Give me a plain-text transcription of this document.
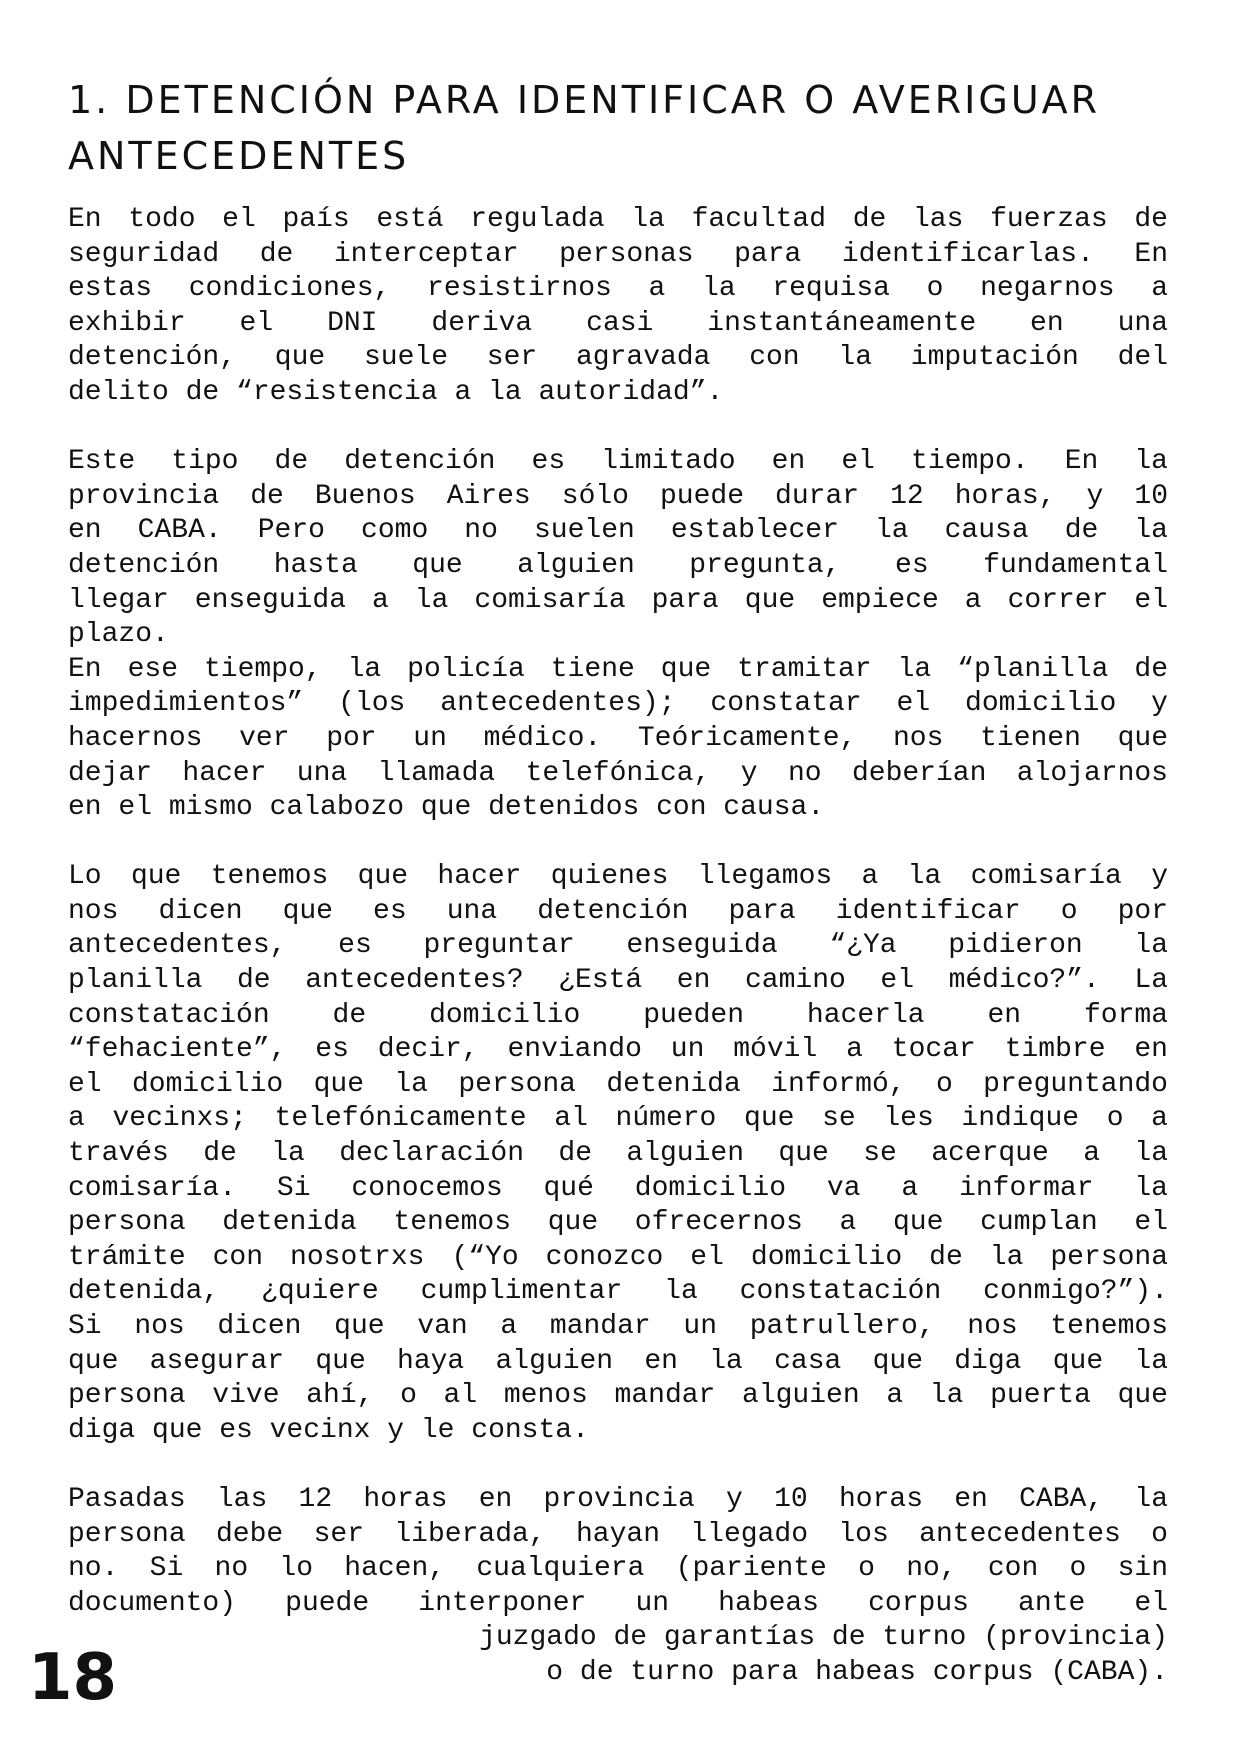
1. DETENCIÓN PARA IDENTIFICAR O AVERIGUAR
ANTECEDENTES
En todo el país está regulada la facultad de las fuerzas de
seguridad de interceptar personas para identificarlas. En
estas condiciones, resistirnos a la requisa o negarnos a
exhibir el DNI deriva casi instantáneamente en una
detención, que suele ser agravada con la imputación del
delito de “resistencia a la autoridad”.
Este tipo de detención es limitado en el tiempo. En la
provincia de Buenos Aires sólo puede durar 12 horas, y 10
en CABA. Pero como no suelen establecer la causa de la
detención hasta que alguien pregunta, es fundamental
llegar enseguida a la comisaría para que empiece a correr el
plazo.
En ese tiempo, la policía tiene que tramitar la “planilla de
impedimientos” (los antecedentes); constatar el domicilio y
hacernos ver por un médico. Teóricamente, nos tienen que
dejar hacer una llamada telefónica, y no deberían alojarnos
en el mismo calabozo que detenidos con causa.
Lo que tenemos que hacer quienes llegamos a la comisaría y
nos dicen que es una detención para identificar o por
antecedentes, es preguntar enseguida “¿Ya pidieron la
planilla de antecedentes? ¿Está en camino el médico?”. La
constatación de domicilio pueden hacerla en forma
“fehaciente”, es decir, enviando un móvil a tocar timbre en
el domicilio que la persona detenida informó, o preguntando
a vecinxs; telefónicamente al número que se les indique o a
través de la declaración de alguien que se acerque a la
comisaría. Si conocemos qué domicilio va a informar la
persona detenida tenemos que ofrecernos a que cumplan el
trámite con nosotrxs (“Yo conozco el domicilio de la persona
detenida, ¿quiere cumplimentar la constatación conmigo?”).
Si nos dicen que van a mandar un patrullero, nos tenemos
que asegurar que haya alguien en la casa que diga que la
persona vive ahí, o al menos mandar alguien a la puerta que
diga que es vecinx y le consta.
Pasadas las 12 horas en provincia y 10 horas en CABA, la
persona debe ser liberada, hayan llegado los antecedentes o
no. Si no lo hacen, cualquiera (pariente o no, con o sin
documento) puede interponer un habeas corpus ante el
juzgado de garantías de turno (provincia)
o de turno para habeas corpus (CABA).
18
